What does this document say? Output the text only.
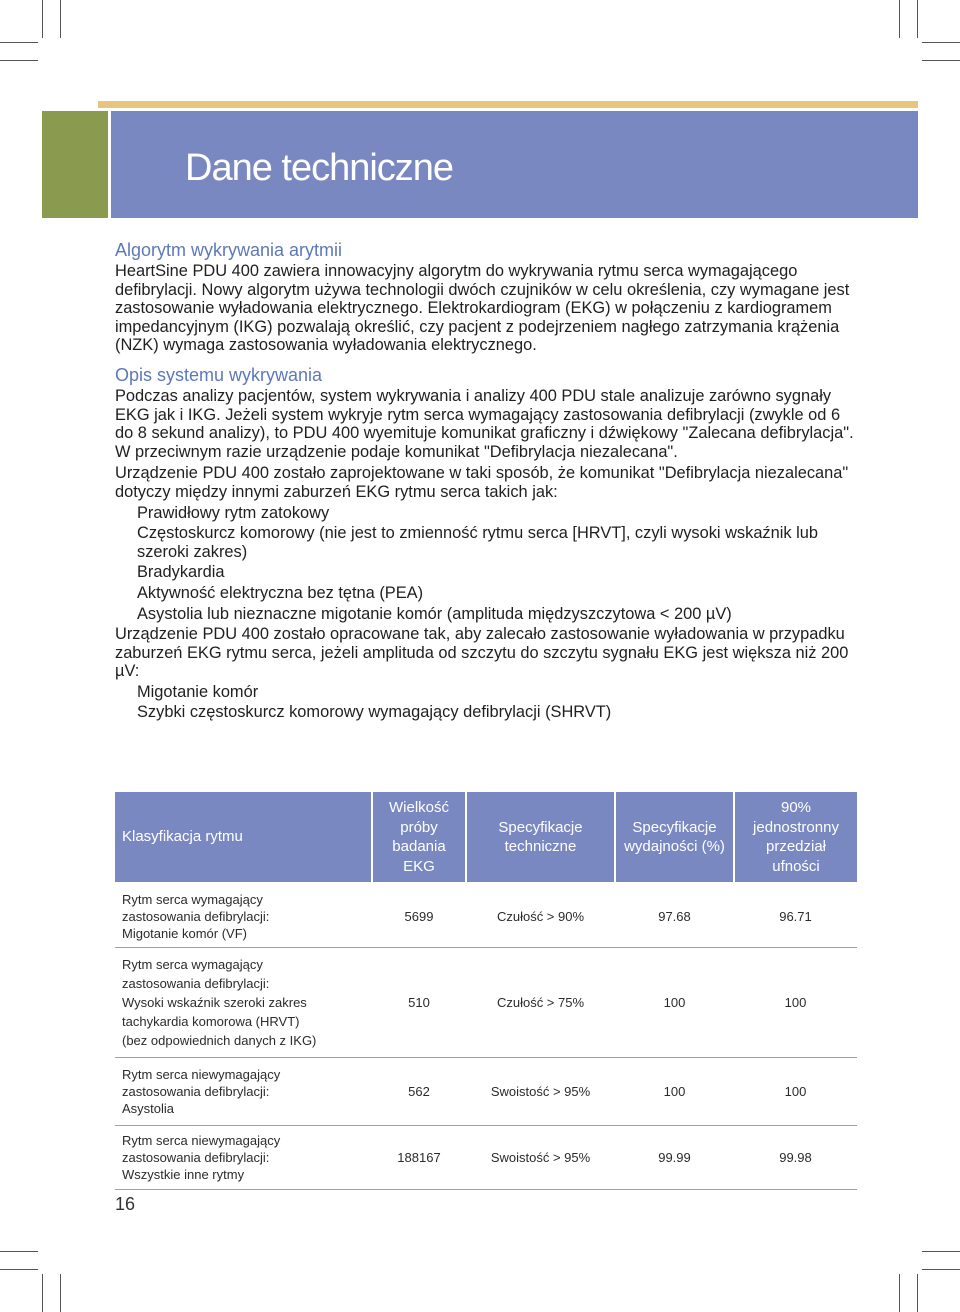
Dane techniczne
Algorytm wykrywania arytmii

HeartSine PDU 400 zawiera innowacyjny algorytm do wykrywania rytmu serca wymagającego defibrylacji. Nowy algorytm używa technologii dwóch czujników w celu określenia, czy wymagane jest zastosowanie wyładowania elektrycznego. Elektrokardiogram (EKG) w połączeniu z kardiogramem impedancyjnym (IKG) pozwalają określić, czy pacjent z podejrzeniem nagłego zatrzymania krążenia (NZK) wymaga zastosowania wyładowania elektrycznego.

Opis systemu wykrywania

Podczas analizy pacjentów, system wykrywania i analizy 400 PDU stale analizuje zarówno sygnały EKG jak i IKG. Jeżeli system wykryje rytm serca wymagający zastosowania defibrylacji (zwykle od 6 do 8 sekund analizy), to PDU 400 wyemituje komunikat graficzny i dźwiękowy "Zalecana defibrylacja". W przeciwnym razie urządzenie podaje komunikat "Defibrylacja niezalecana".

Urządzenie PDU 400 zostało zaprojektowane w taki sposób, że komunikat "Defibrylacja niezalecana" dotyczy między innymi zaburzeń EKG rytmu serca takich jak:

Prawidłowy rytm zatokowy
Częstoskurcz komorowy (nie jest to zmienność rytmu serca [HRVT], czyli wysoki wskaźnik lub szeroki zakres)
Bradykardia
Aktywność elektryczna bez tętna (PEA)
Asystolia lub nieznaczne migotanie komór (amplituda międzyszczytowa < 200 µV)

Urządzenie PDU 400 zostało opracowane tak, aby zalecało zastosowanie wyładowania w przypadku zaburzeń EKG rytmu serca, jeżeli amplituda od szczytu do szczytu sygnału EKG jest większa niż 200 µV:

Migotanie komór
Szybki częstoskurcz komorowy wymagający defibrylacji (SHRVT)
Klasyfikacja rytmu	Wielkość próby badania EKG	Specyfikacje techniczne	Specyfikacje wydajności (%)	90% jednostronny przedział ufności

Rytm serca wymagający
zastosowania defibrylacji:
Migotanie komór (VF)	5699	Czułość > 90%	97.68	96.71

Rytm serca wymagający
zastosowania defibrylacji:
Wysoki wskaźnik szeroki zakres
tachykardia komorowa (HRVT)
(bez odpowiednich danych z IKG)	510	Czułość > 75%	100	100

Rytm serca niewymagający
zastosowania defibrylacji:
Asystolia	562	Swoistość > 95%	100	100

Rytm serca niewymagający
zastosowania defibrylacji:
Wszystkie inne rytmy	188167	Swoistość > 95%	99.99	99.98
16
